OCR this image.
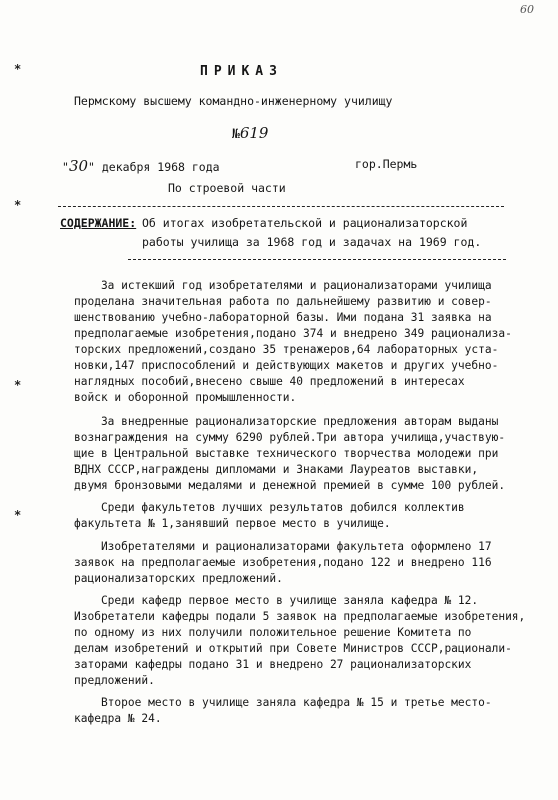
60
*
*
*
*
ПРИКАЗ
Пермскому высшему командно-инженерному училищу
№619
"30" декабря 1968 года	гор.Пермь
По строевой части
СОДЕРЖАНИЕ: Об итогах изобретательской и рационализаторской
работы училища за 1968 год и задачах на 1969 год.
За истекший год изобретателями и рационализаторами училища
проделана значительная работа по дальнейшему развитию и совер-
шенствованию учебно-лабораторной базы. Ими подана 31 заявка на
предполагаемые изобретения,подано 374 и внедрено 349 рационализа-
торских предложений,создано 35 тренажеров,64 лабораторных уста-
новки,147 приспособлений и действующих макетов и других учебно-
наглядных пособий,внесено свыше 40 предложений в интересах
войск и оборонной промышленности.
За внедренные рационализаторские предложения авторам выданы
вознаграждения на сумму 6290 рублей.Три автора училища,участвую-
щие в Центральной выставке технического творчества молодежи при
ВДНХ СССР,награждены дипломами и Знаками Лауреатов выставки,
двумя бронзовыми медалями и денежной премией в сумме 100 рублей.
Среди факультетов лучших результатов добился коллектив
факультета № 1,занявший первое место в училище.
Изобретателями и рационализаторами факультета оформлено 17
заявок на предполагаемые изобретения,подано 122 и внедрено 116
рационализаторских предложений.
Среди кафедр первое место в училище заняла кафедра № 12.
Изобретатели кафедры подали 5 заявок на предполагаемые изобретения,
по одному из них получили положительное решение Комитета по
делам изобретений и открытий при Совете Министров СССР,рационали-
заторами кафедры подано 31 и внедрено 27 рационализаторских
предложений.
Второе место в училище заняла кафедра № 15 и третье место-
кафедра № 24.
